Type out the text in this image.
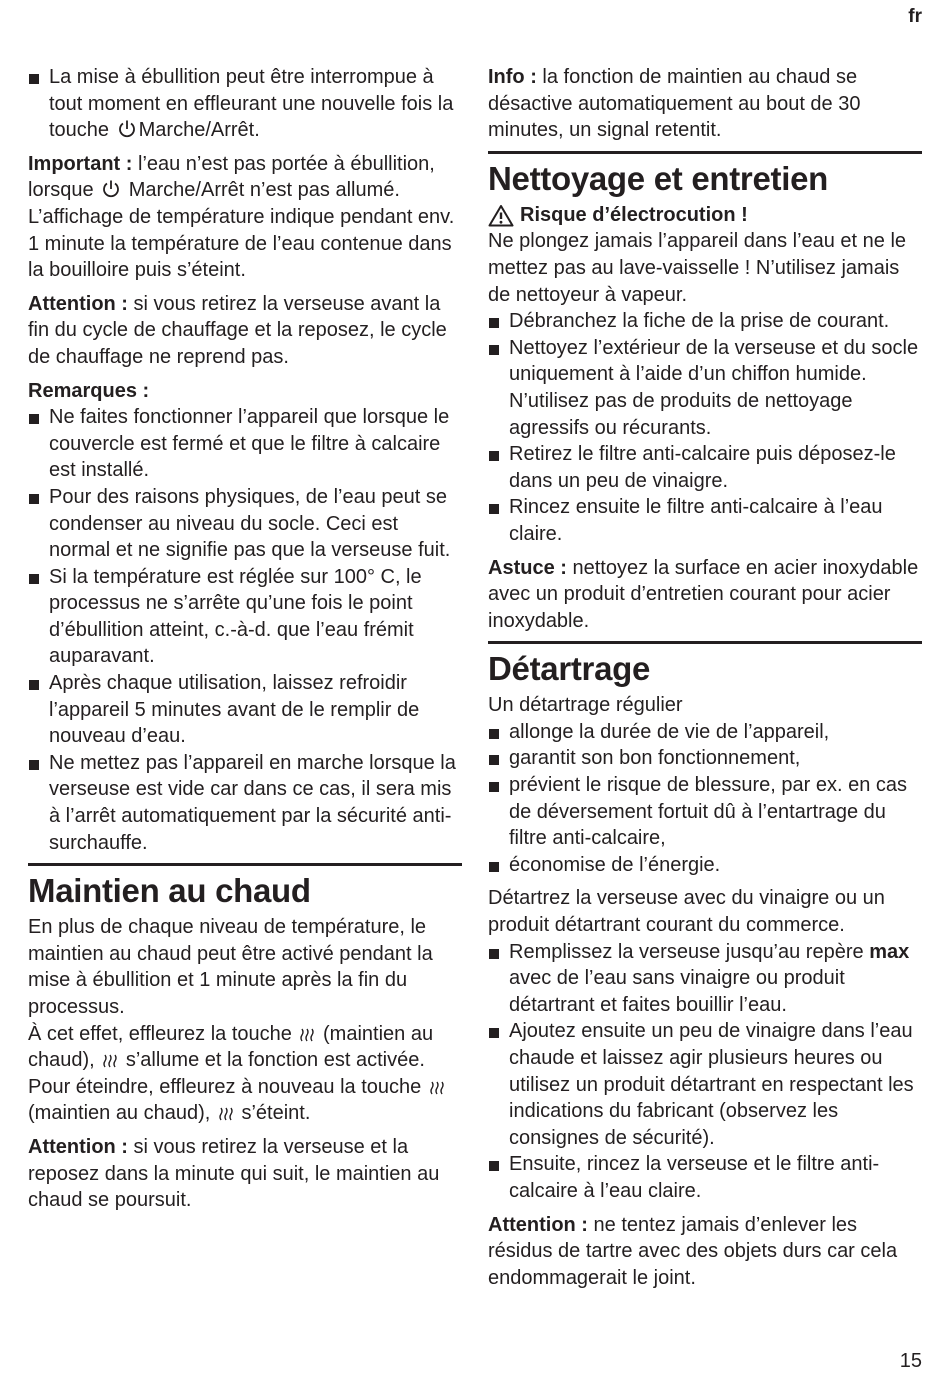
fr
La mise à ébullition peut être interrompue à tout moment en effleurant une nouvelle fois la touche Marche/Arrêt.

Important : l’eau n’est pas portée à ébullition, lorsque  Marche/Arrêt n’est pas allumé. L’affichage de température indique pendant env. 1 minute la température de l’eau contenue dans la bouilloire puis s’éteint.

Attention : si vous retirez la verseuse avant la fin du cycle de chauffage et la reposez, le cycle de chauffage ne reprend pas.

Remarques :

Ne faites fonctionner l’appareil que lorsque le couvercle est fermé et que le filtre à calcaire est installé.
Pour des raisons physiques, de l’eau peut se condenser au niveau du socle. Ceci est normal et ne signifie pas que la verseuse fuit.
Si la température est réglée sur 100° C, le processus ne s’arrête qu’une fois le point d’ébullition atteint, c.-à-d. que l’eau frémit auparavant.
Après chaque utilisation, laissez refroidir l’appareil 5 minutes avant de le remplir de nouveau d’eau.
Ne mettez pas l’appareil en marche lorsque la verseuse est vide car dans ce cas, il sera mis à l’arrêt automatiquement par la sécurité anti-surchauffe.
Maintien au chaud

En plus de chaque niveau de température, le maintien au chaud peut être activé pendant la mise à ébullition et 1 minute après la fin du processus.

À cet effet, effleurez la touche  (maintien au chaud),  s’allume et la fonction est activée.

Pour éteindre, effleurez à nouveau la touche  (maintien au chaud),  s’éteint.

Attention : si vous retirez la verseuse et la reposez dans la minute qui suit, le maintien au chaud se poursuit.

Info : la fonction de maintien au chaud se désactive automatiquement au bout de 30 minutes, un signal retentit.

Nettoyage et entretien
Risque d’électrocution !

Ne plongez jamais l’appareil dans l’eau et ne le mettez pas au lave-vaisselle ! N’utilisez jamais de nettoyeur à vapeur.

Débranchez la fiche de la prise de courant.
Nettoyez l’extérieur de la verseuse et du socle uniquement à l’aide d’un chiffon humide. N’utilisez pas de produits de nettoyage agressifs ou récurants.
Retirez le filtre anti-calcaire puis déposez-le dans un peu de vinaigre.
Rincez ensuite le filtre anti-calcaire à l’eau claire.

Astuce : nettoyez la surface en acier inoxydable avec un produit d’entretien courant pour acier inoxydable.

Détartrage

Un détartrage régulier

allonge la durée de vie de l’appareil,
garantit son bon fonctionnement,
prévient le risque de blessure, par ex. en cas de déversement fortuit dû à l’entartrage du filtre anti-calcaire,
économise de l’énergie.

Détartrez la verseuse avec du vinaigre ou un produit détartrant courant du commerce.

Remplissez la verseuse jusqu’au repère max avec de l’eau sans vinaigre ou produit détartrant et faites bouillir l’eau.
Ajoutez ensuite un peu de vinaigre dans l’eau chaude et laissez agir plusieurs heures ou utilisez un produit détartrant en respectant les indications du fabricant (observez les consignes de sécurité).
Ensuite, rincez la verseuse et le filtre anti-calcaire à l’eau claire.

Attention : ne tentez jamais d’enlever les résidus de tartre avec des objets durs car cela endommagerait le joint.

15
